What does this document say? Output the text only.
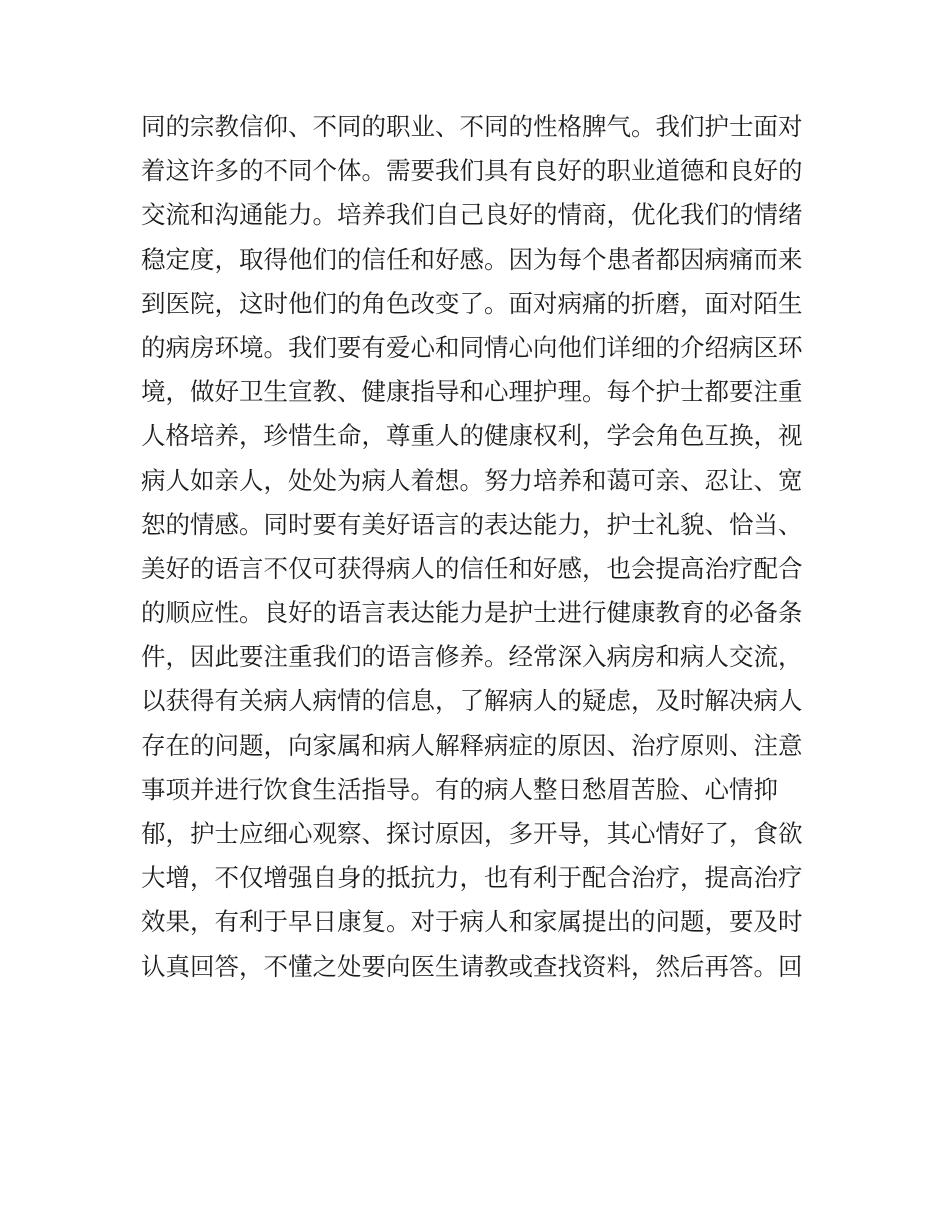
同的宗教信仰、不同的职业、不同的性格脾气。我们护士面对
着这许多的不同个体。需要我们具有良好的职业道德和良好的
交流和沟通能力。培养我们自己良好的情商，优化我们的情绪
稳定度，取得他们的信任和好感。因为每个患者都因病痛而来
到医院，这时他们的角色改变了。面对病痛的折磨，面对陌生
的病房环境。我们要有爱心和同情心向他们详细的介绍病区环
境，做好卫生宣教、健康指导和心理护理。每个护士都要注重
人格培养，珍惜生命，尊重人的健康权利，学会角色互换，视
病人如亲人，处处为病人着想。努力培养和蔼可亲、忍让、宽
恕的情感。同时要有美好语言的表达能力，护士礼貌、恰当、
美好的语言不仅可获得病人的信任和好感，也会提高治疗配合
的顺应性。良好的语言表达能力是护士进行健康教育的必备条
件，因此要注重我们的语言修养。经常深入病房和病人交流，
以获得有关病人病情的信息，了解病人的疑虑，及时解决病人
存在的问题，向家属和病人解释病症的原因、治疗原则、注意
事项并进行饮食生活指导。有的病人整日愁眉苦脸、心情抑
郁，护士应细心观察、探讨原因，多开导，其心情好了，食欲
大增，不仅增强自身的抵抗力，也有利于配合治疗，提高治疗
效果，有利于早日康复。对于病人和家属提出的问题，要及时
认真回答，不懂之处要向医生请教或查找资料，然后再答。回
